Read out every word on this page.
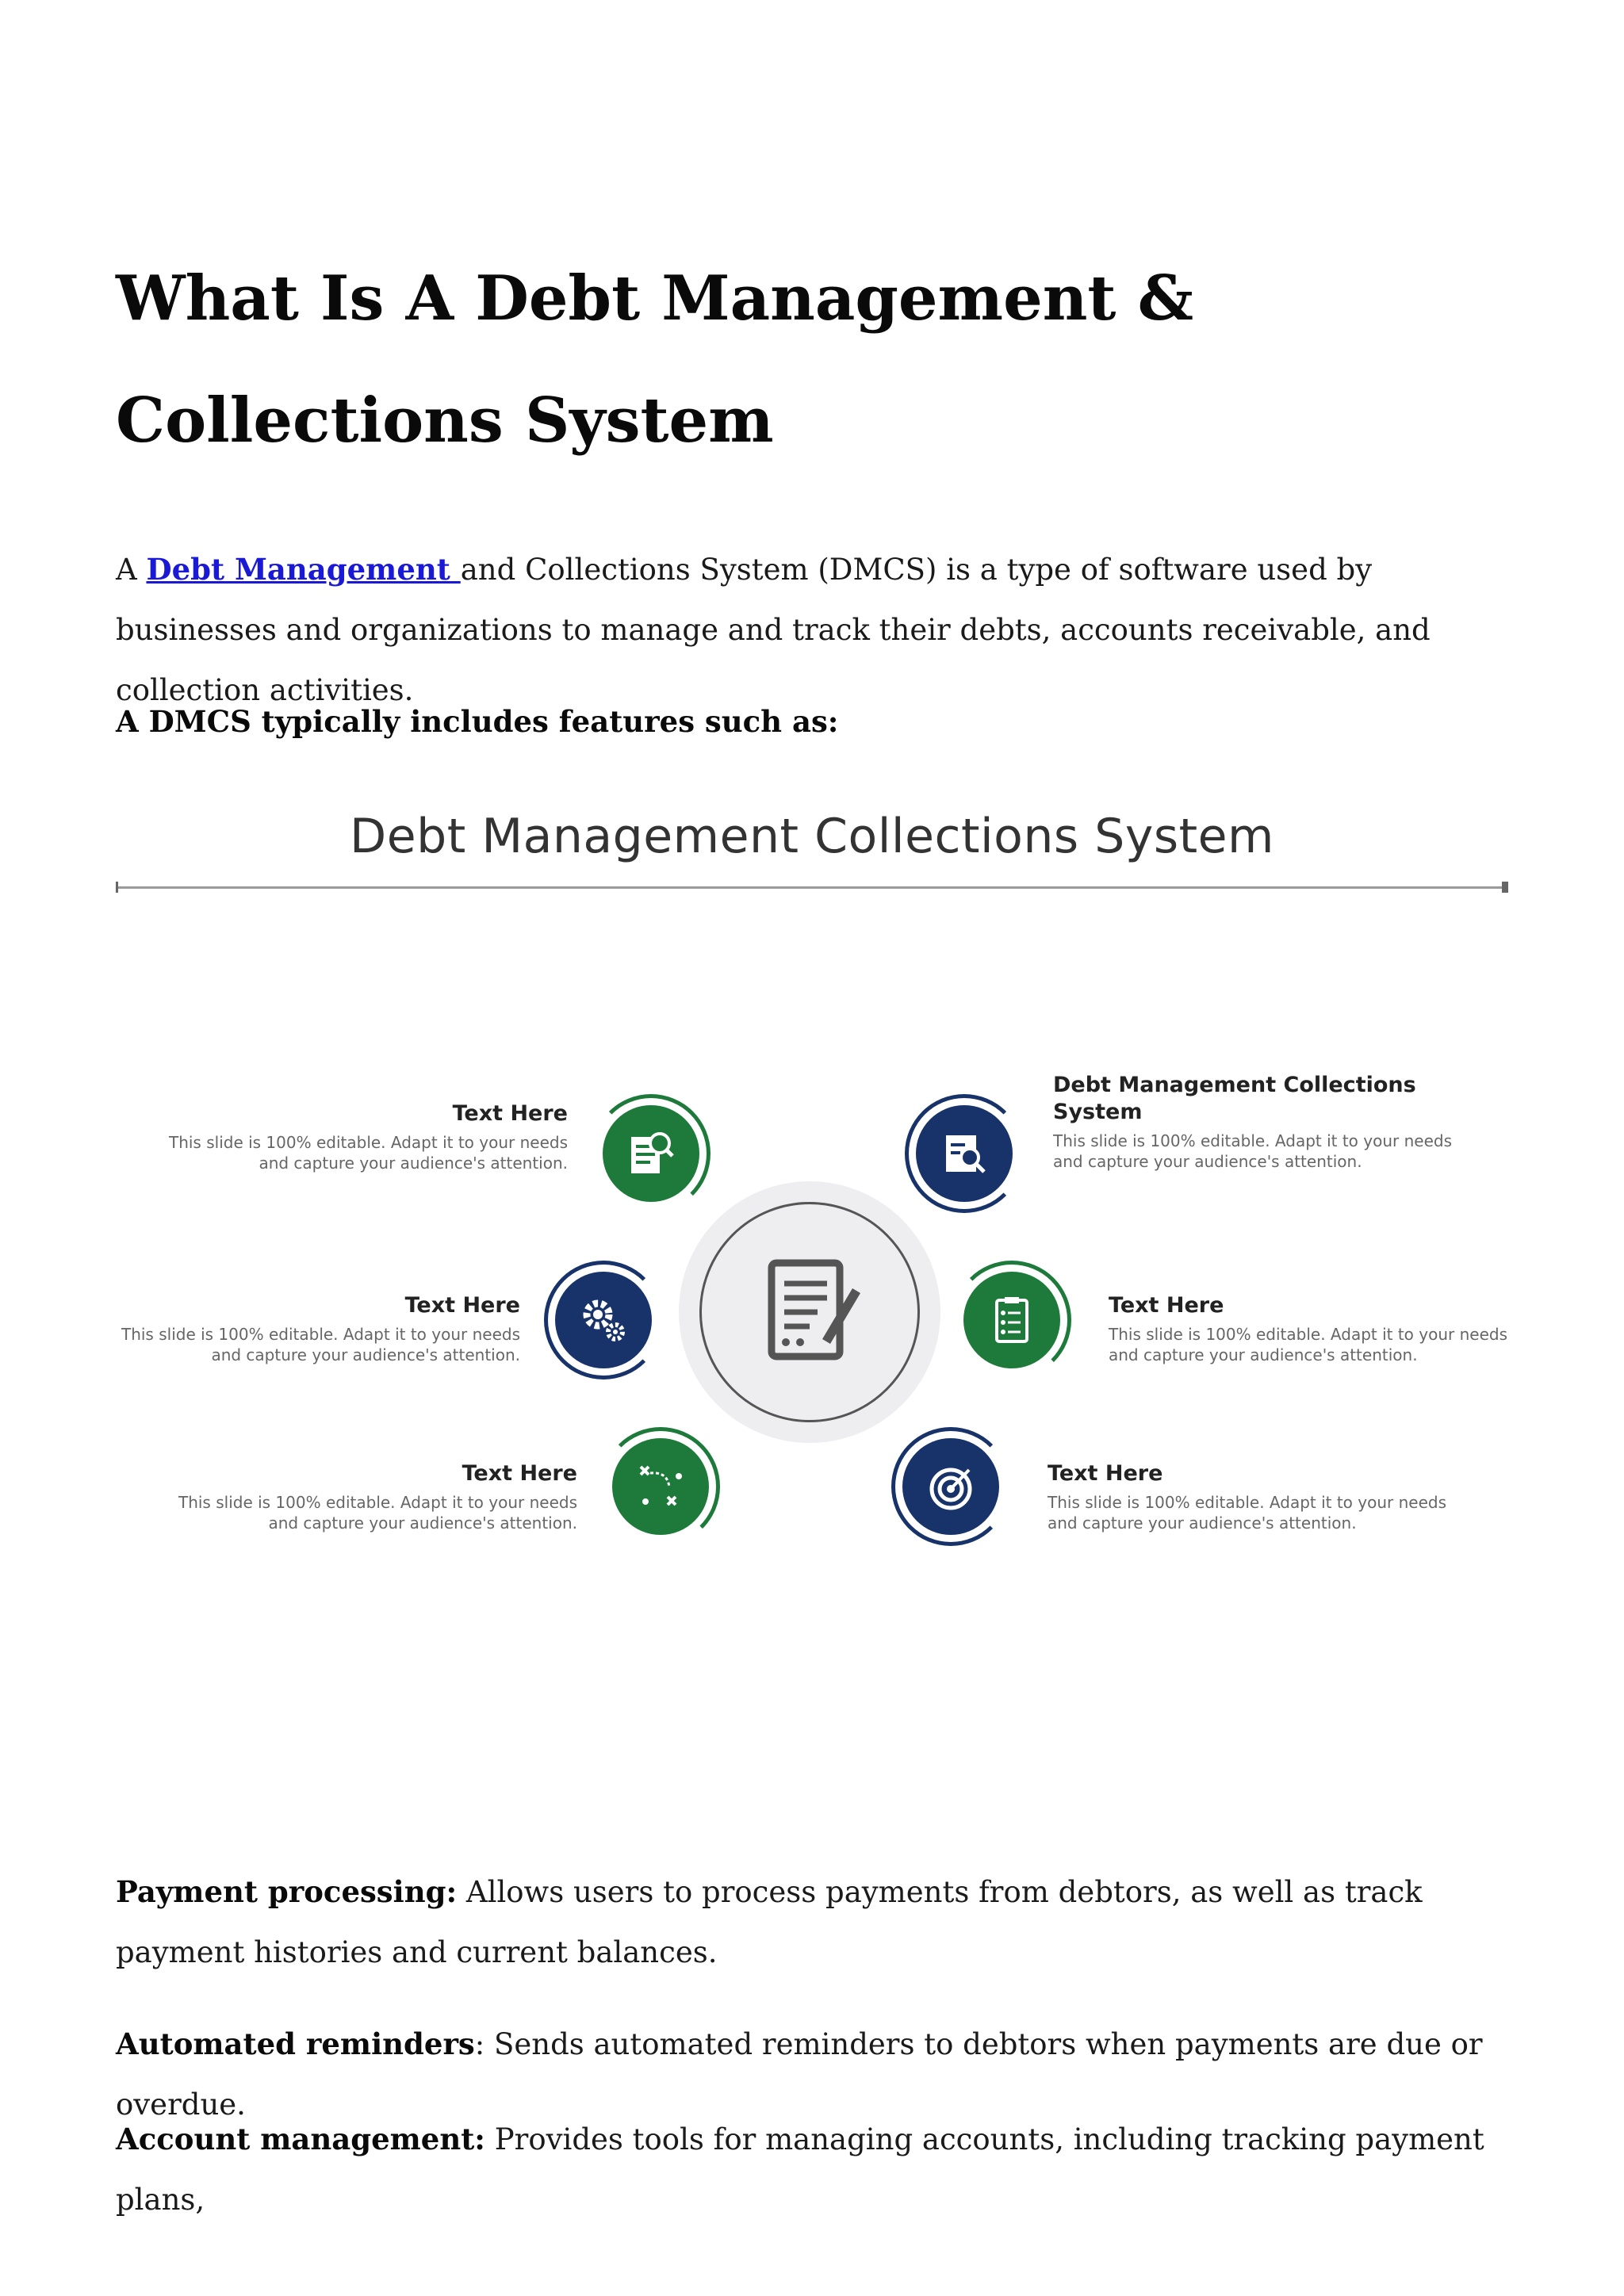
What Is A Debt Management & Collections System

A Debt Management and Collections System (DMCS) is a type of software used by businesses and organizations to manage and track their debts, accounts receivable, and collection activities.

A DMCS typically includes features such as:

Debt Management Collections System
Text Here
This slide is 100% editable. Adapt it to your needs and capture your audience's attention.
Debt Management Collections System
This slide is 100% editable. Adapt it to your needs and capture your audience's attention.
Text Here
This slide is 100% editable. Adapt it to your needs and capture your audience's attention.
Text Here
This slide is 100% editable. Adapt it to your needs and capture your audience's attention.
Text Here
This slide is 100% editable. Adapt it to your needs and capture your audience's attention.
Text Here
This slide is 100% editable. Adapt it to your needs and capture your audience's attention.

Payment processing: Allows users to process payments from debtors, as well as track payment histories and current balances.

Automated reminders: Sends automated reminders to debtors when payments are due or overdue.

Account management: Provides tools for managing accounts, including tracking payment plans,
